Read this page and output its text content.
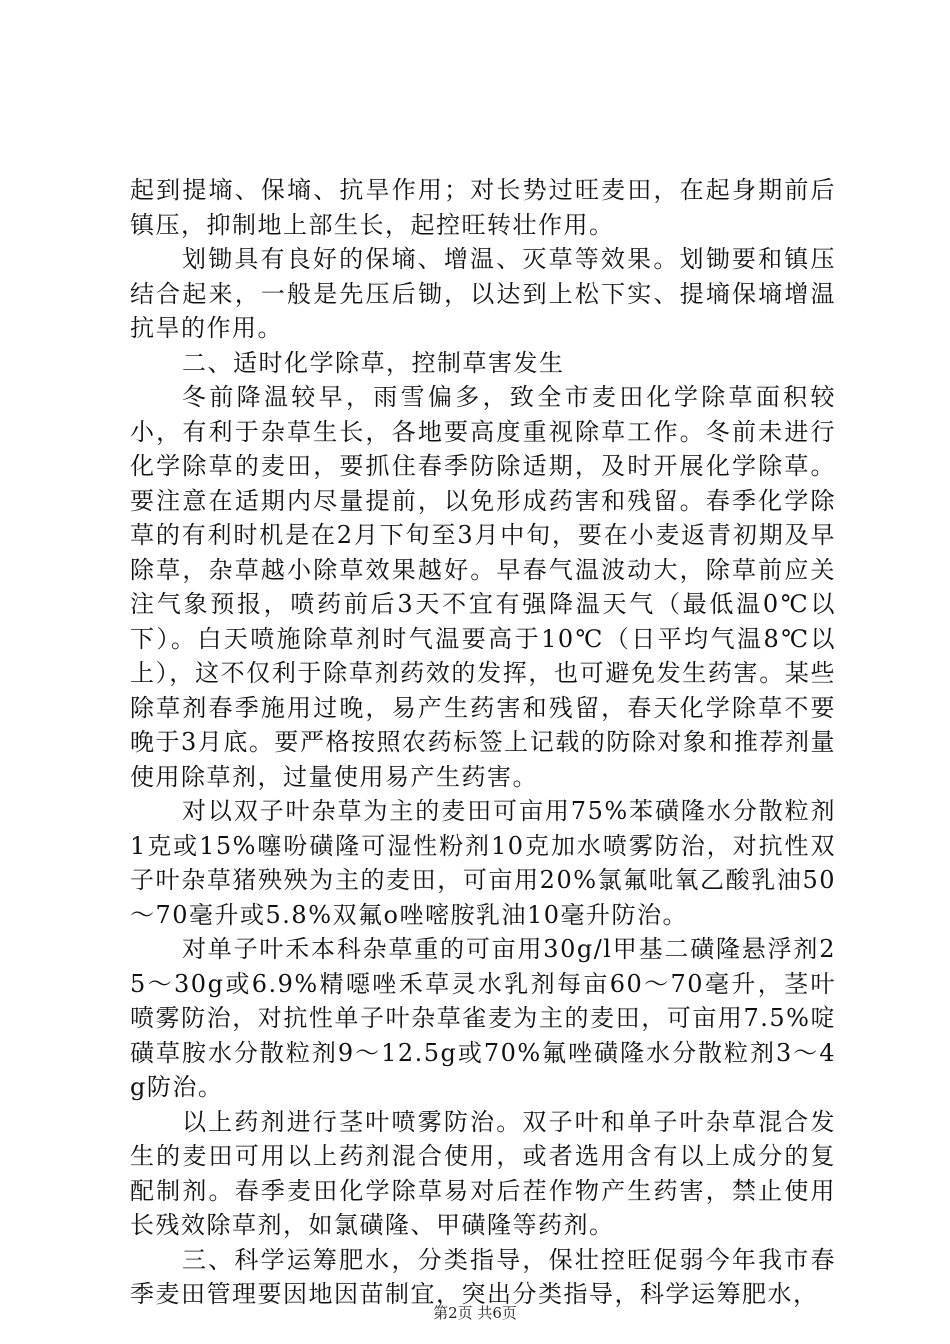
起到提墒、保墒、抗旱作用；对长势过旺麦田，在起身期前后镇压，抑制地上部生长，起控旺转壮作用。

划锄具有良好的保墒、增温、灭草等效果。划锄要和镇压结合起来，一般是先压后锄，以达到上松下实、提墒保墒增温抗旱的作用。

二、适时化学除草，控制草害发生

冬前降温较早，雨雪偏多，致全市麦田化学除草面积较小，有利于杂草生长，各地要高度重视除草工作。冬前未进行化学除草的麦田，要抓住春季防除适期，及时开展化学除草。要注意在适期内尽量提前，以免形成药害和残留。春季化学除草的有利时机是在2月下旬至3月中旬，要在小麦返青初期及早除草，杂草越小除草效果越好。早春气温波动大，除草前应关注气象预报，喷药前后3天不宜有强降温天气（最低温0℃以下）。白天喷施除草剂时气温要高于10℃（日平均气温8℃以上），这不仅利于除草剂药效的发挥，也可避免发生药害。某些除草剂春季施用过晚，易产生药害和残留，春天化学除草不要晚于3月底。要严格按照农药标签上记载的防除对象和推荐剂量使用除草剂，过量使用易产生药害。

对以双子叶杂草为主的麦田可亩用75%苯磺隆水分散粒剂1克或15%噻吩磺隆可湿性粉剂10克加水喷雾防治，对抗性双子叶杂草猪殃殃为主的麦田，可亩用20%氯氟吡氧乙酸乳油50～70毫升或5.8%双氟ο唑嘧胺乳油10毫升防治。

对单子叶禾本科杂草重的可亩用30g/l甲基二磺隆悬浮剂25～30g或6.9%精噁唑禾草灵水乳剂每亩60～70毫升，茎叶喷雾防治，对抗性单子叶杂草雀麦为主的麦田，可亩用7.5%啶磺草胺水分散粒剂9～12.5g或70%氟唑磺隆水分散粒剂3～4g防治。

以上药剂进行茎叶喷雾防治。双子叶和单子叶杂草混合发生的麦田可用以上药剂混合使用，或者选用含有以上成分的复配制剂。春季麦田化学除草易对后茬作物产生药害，禁止使用长残效除草剂，如氯磺隆、甲磺隆等药剂。

三、科学运筹肥水，分类指导，保壮控旺促弱今年我市春季麦田管理要因地因苗制宜，突出分类指导，科学运筹肥水，

第2页 共6页
